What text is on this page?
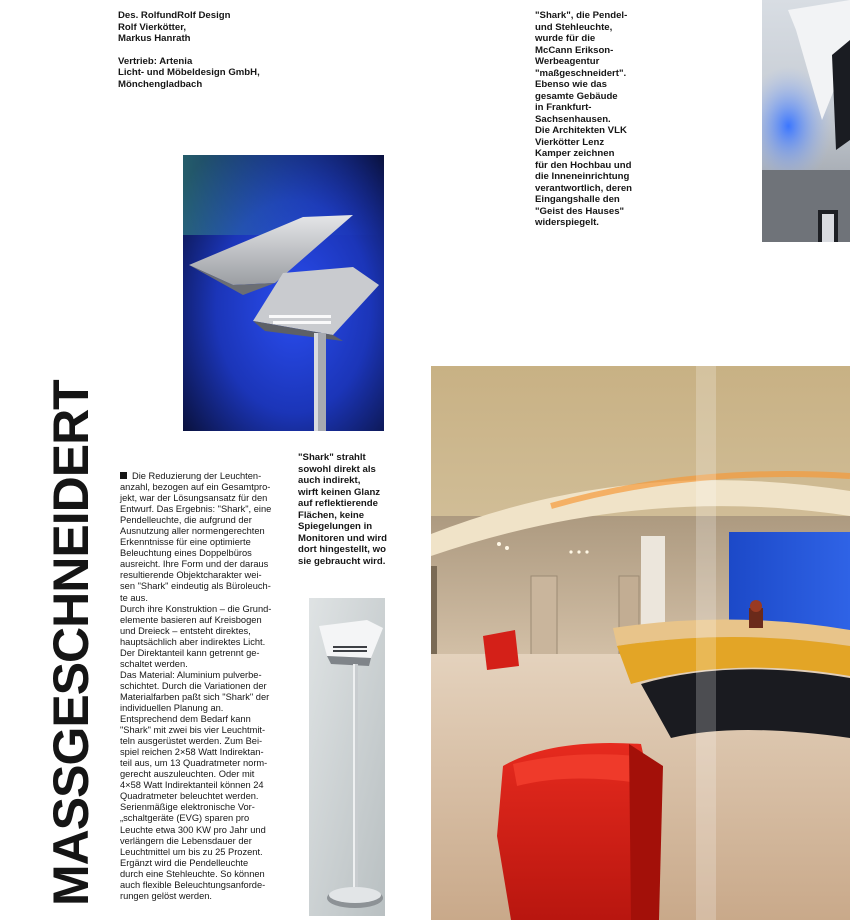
Des. RolfundRolf Design

Rolf Vierkötter,

Markus Hanrath

Vertrieb: Artenia

Licht- und Möbeldesign GmbH,

Mönchengladbach

"Shark", die Pendel-

und Stehleuchte,

wurde für die

McCann Erikson-

Werbeagentur

"maßgeschneidert".

Ebenso wie das

gesamte Gebäude

in Frankfurt-

Sachsenhausen.

Die Architekten VLK

Vierkötter Lenz

Kamper zeichnen

für den Hochbau und

die Inneneinrichtung

verantwortlich, deren

Eingangshalle den

"Geist des Hauses"

widerspiegelt.

MASSGESCHNEIDERT	"Shark" strahlt

sowohl direkt als

auch indirekt,

wirft keinen Glanz

auf reflektierende

Flächen, keine

Spiegelungen in

Monitoren und wird

dort hingestellt, wo

sie gebraucht wird.

Die Reduzierung der Leuchten-

anzahl, bezogen auf ein Gesamtpro-

jekt, war der Lösungsansatz für den

Entwurf. Das Ergebnis: "Shark", eine

Pendelleuchte, die aufgrund der

Ausnutzung aller normengerechten

Erkenntnisse für eine optimierte

Beleuchtung eines Doppelbüros

ausreicht. Ihre Form und der daraus

resultierende Objektcharakter wei-

sen "Shark" eindeutig als Büroleuch-

te aus.

Durch ihre Konstruktion – die Grund-

elemente basieren auf Kreisbogen

und Dreieck – entsteht direktes,

hauptsächlich aber indirektes Licht.

Der Direktanteil kann getrennt ge-

schaltet werden.

Das Material: Aluminium pulverbe-

schichtet. Durch die Variationen der

Materialfarben paßt sich "Shark" der

individuellen Planung an.

Entsprechend dem Bedarf kann

"Shark" mit zwei bis vier Leuchtmit-

teln ausgerüstet werden. Zum Bei-

spiel reichen 2×58 Watt Indirektan-

teil aus, um 13 Quadratmeter norm-

gerecht auszuleuchten. Oder mit

4×58 Watt Indirektanteil können 24

Quadratmeter beleuchtet werden.

Serienmäßige elektronische Vor-

„schaltgeräte (EVG) sparen pro

Leuchte etwa 300 KW pro Jahr und

verlängern die Lebensdauer der

Leuchtmittel um bis zu 25 Prozent.

Ergänzt wird die Pendelleuchte

durch eine Stehleuchte. So können

auch flexible Beleuchtungsanforde-

rungen gelöst werden.
